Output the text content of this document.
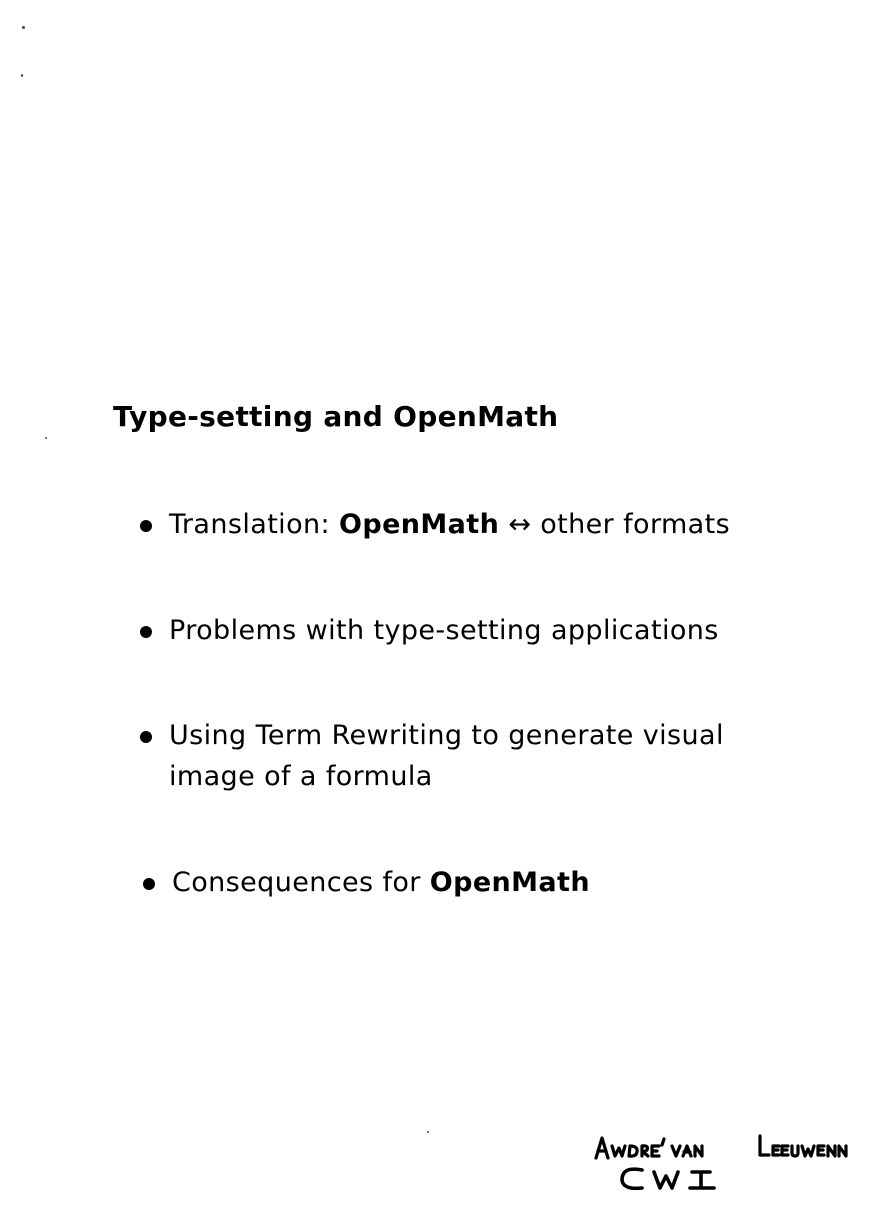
Type-setting and OpenMath
Translation: OpenMath ↔ other formats
Problems with type-setting applications
Using Term Rewriting to generate visual
image of a formula
Consequences for OpenMath
